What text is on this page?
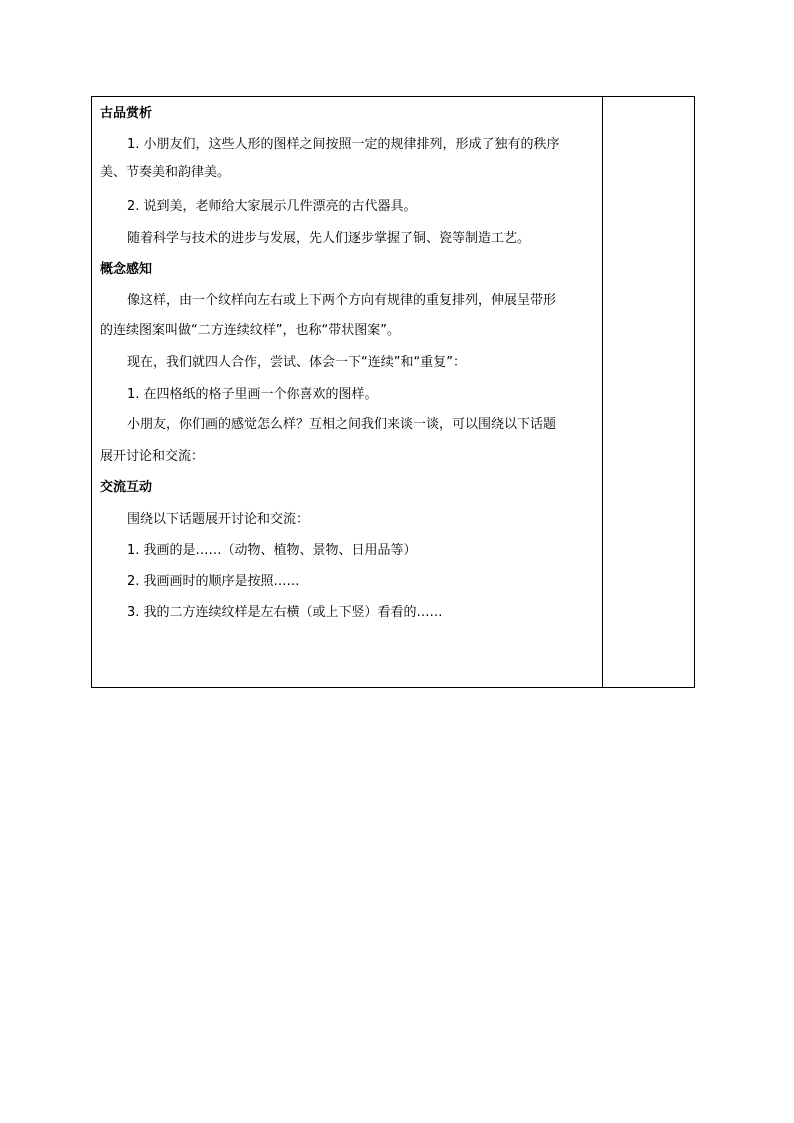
古品赏析
1. 小朋友们，这些人形的图样之间按照一定的规律排列，形成了独有的秩序
美、节奏美和韵律美。
2. 说到美，老师给大家展示几件漂亮的古代器具。
随着科学与技术的进步与发展，先人们逐步掌握了铜、瓷等制造工艺。
概念感知
像这样，由一个纹样向左右或上下两个方向有规律的重复排列，伸展呈带形
的连续图案叫做“二方连续纹样”，也称“带状图案”。
现在，我们就四人合作，尝试、体会一下“连续”和“重复”：
1. 在四格纸的格子里画一个你喜欢的图样。
小朋友，你们画的感觉怎么样？互相之间我们来谈一谈，可以围绕以下话题
展开讨论和交流：
交流互动
围绕以下话题展开讨论和交流：
1. 我画的是……（动物、植物、景物、日用品等）
2. 我画画时的顺序是按照……
3. 我的二方连续纹样是左右横（或上下竖）看看的……
